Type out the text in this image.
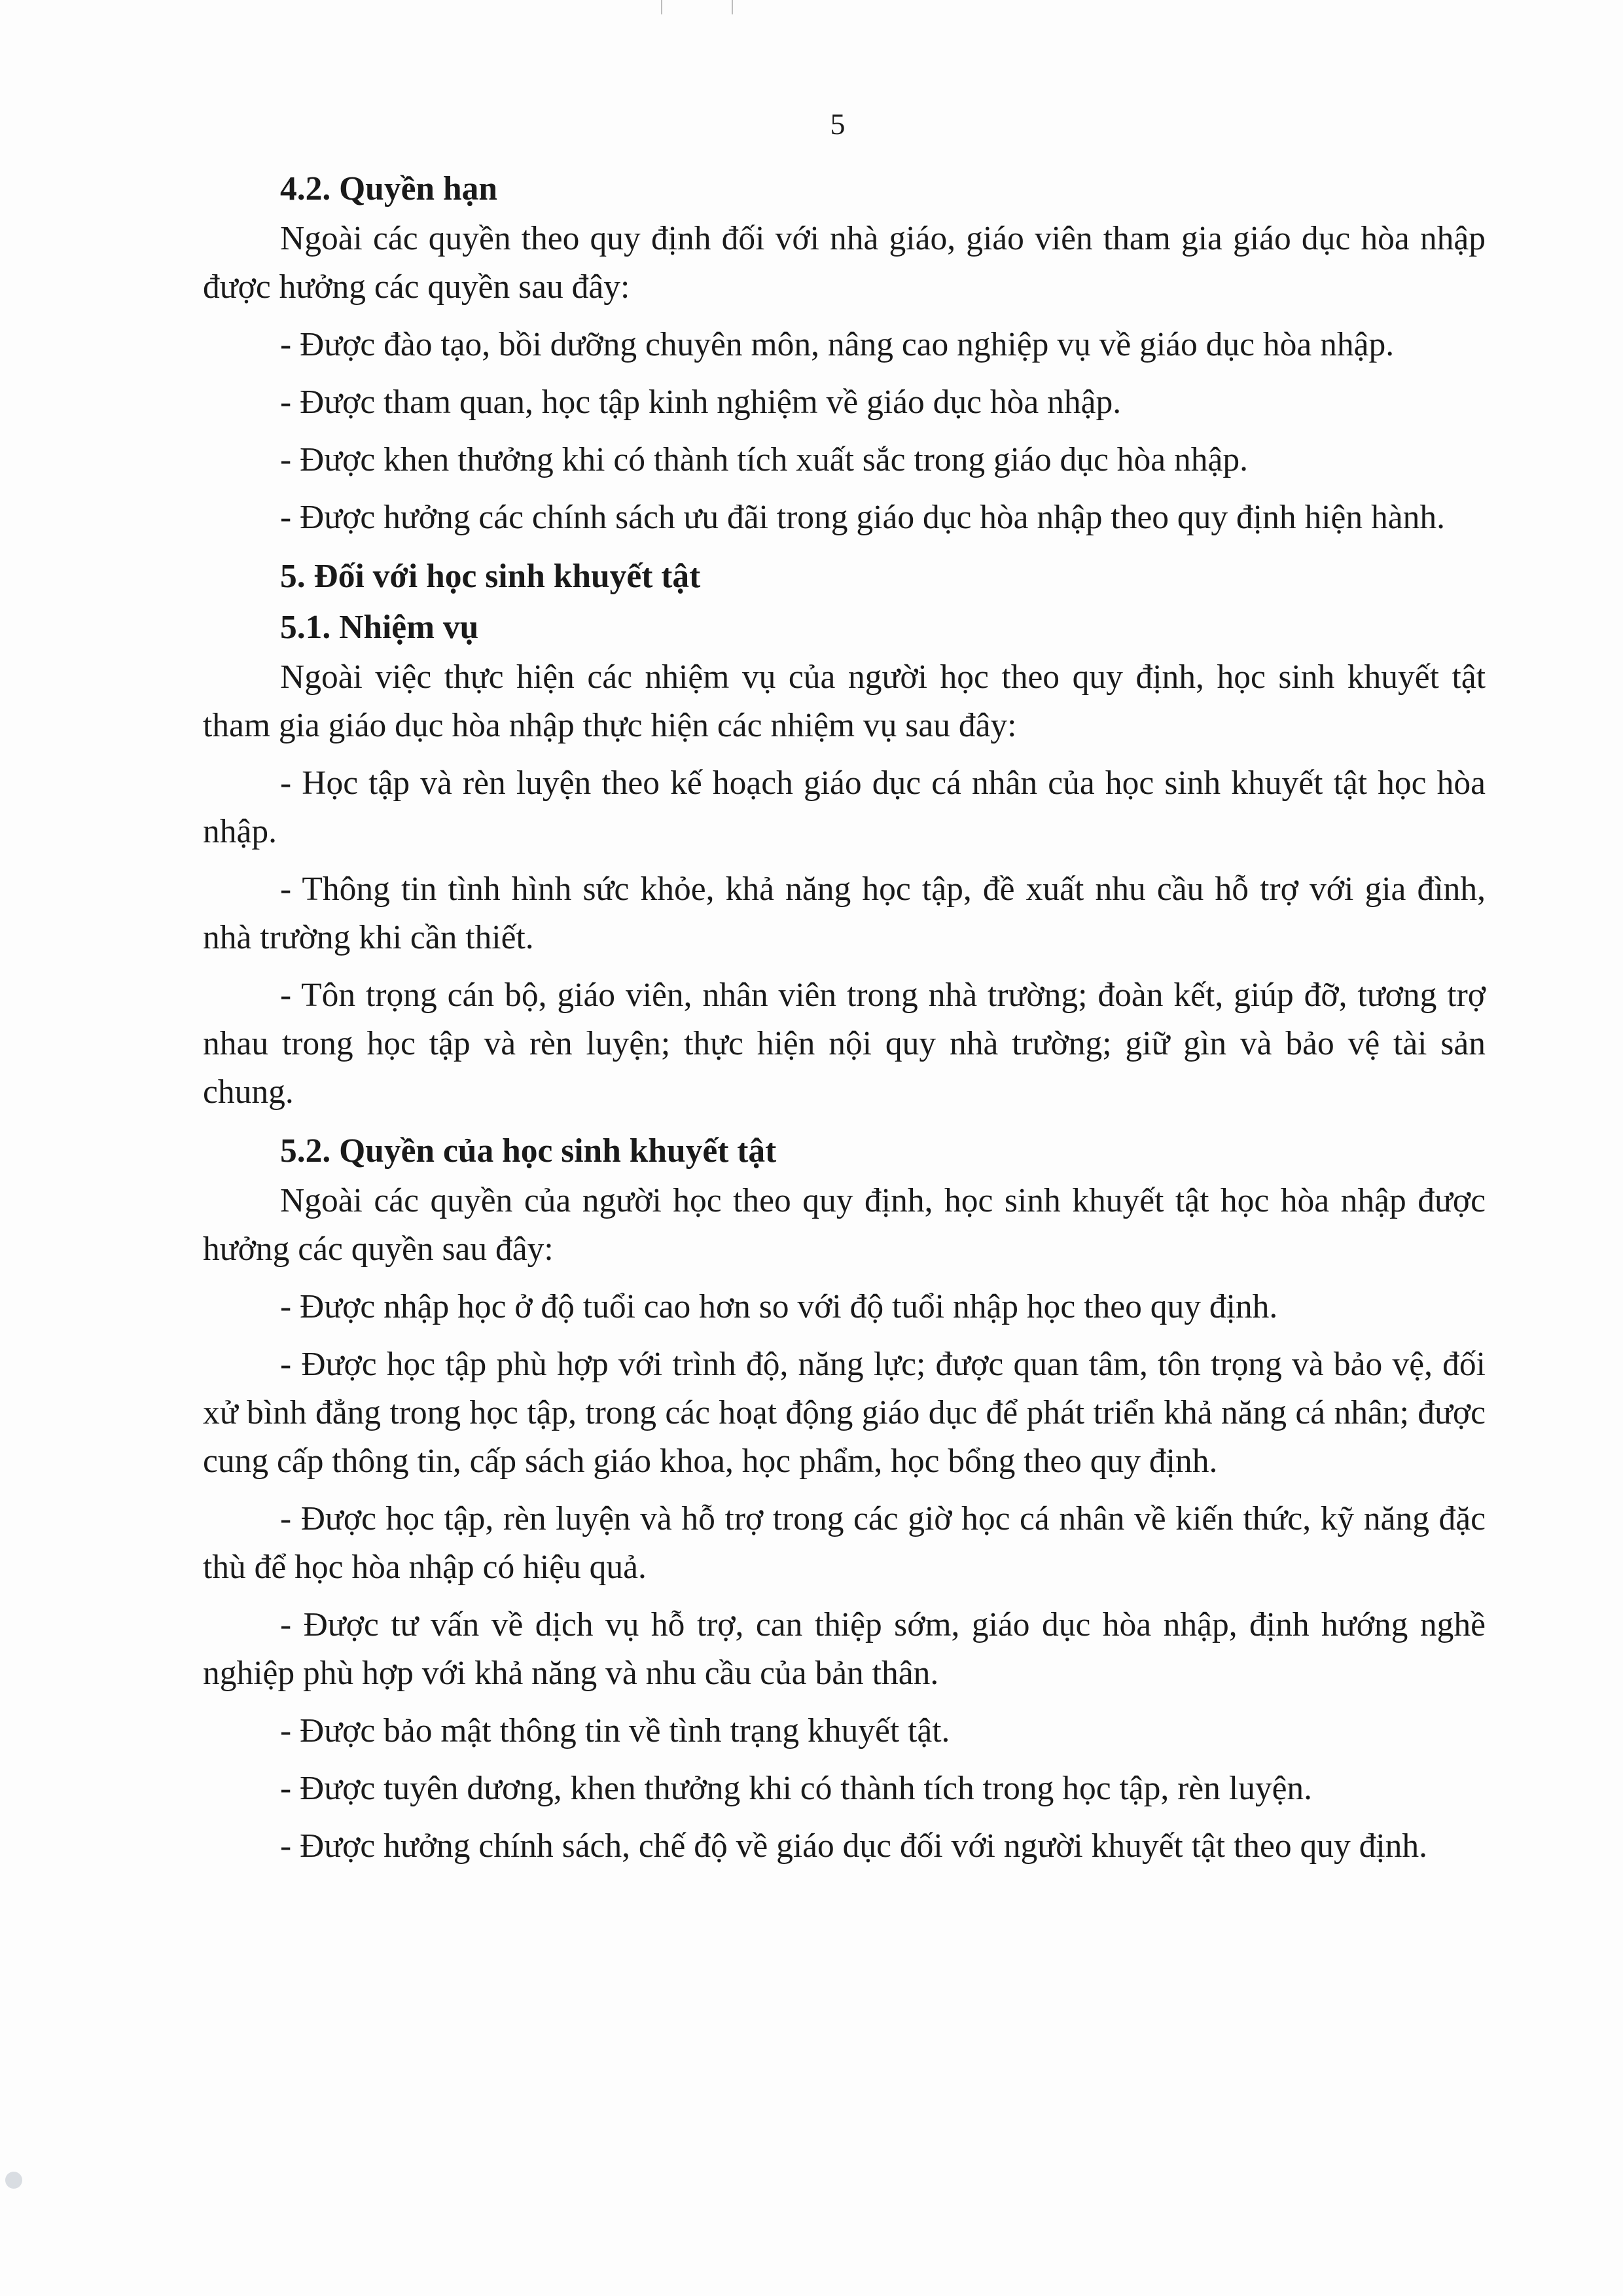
5

4.2. Quyền hạn

Ngoài các quyền theo quy định đối với nhà giáo, giáo viên tham gia giáo dục hòa nhập được hưởng các quyền sau đây:

- Được đào tạo, bồi dưỡng chuyên môn, nâng cao nghiệp vụ về giáo dục hòa nhập.

- Được tham quan, học tập kinh nghiệm về giáo dục hòa nhập.

- Được khen thưởng khi có thành tích xuất sắc trong giáo dục hòa nhập.

- Được hưởng các chính sách ưu đãi trong giáo dục hòa nhập theo quy định hiện hành.

5. Đối với học sinh khuyết tật

5.1. Nhiệm vụ

Ngoài việc thực hiện các nhiệm vụ của người học theo quy định, học sinh khuyết tật tham gia giáo dục hòa nhập thực hiện các nhiệm vụ sau đây:

- Học tập và rèn luyện theo kế hoạch giáo dục cá nhân của học sinh khuyết tật học hòa nhập.

- Thông tin tình hình sức khỏe, khả năng học tập, đề xuất nhu cầu hỗ trợ với gia đình, nhà trường khi cần thiết.

- Tôn trọng cán bộ, giáo viên, nhân viên trong nhà trường; đoàn kết, giúp đỡ, tương trợ nhau trong học tập và rèn luyện; thực hiện nội quy nhà trường; giữ gìn và bảo vệ tài sản chung.

5.2. Quyền của học sinh khuyết tật

Ngoài các quyền của người học theo quy định, học sinh khuyết tật học hòa nhập được hưởng các quyền sau đây:

- Được nhập học ở độ tuổi cao hơn so với độ tuổi nhập học theo quy định.

- Được học tập phù hợp với trình độ, năng lực; được quan tâm, tôn trọng và bảo vệ, đối xử bình đẳng trong học tập, trong các hoạt động giáo dục để phát triển khả năng cá nhân; được cung cấp thông tin, cấp sách giáo khoa, học phẩm, học bổng theo quy định.

- Được học tập, rèn luyện và hỗ trợ trong các giờ học cá nhân về kiến thức, kỹ năng đặc thù để học hòa nhập có hiệu quả.

- Được tư vấn về dịch vụ hỗ trợ, can thiệp sớm, giáo dục hòa nhập, định hướng nghề nghiệp phù hợp với khả năng và nhu cầu của bản thân.

- Được bảo mật thông tin về tình trạng khuyết tật.

- Được tuyên dương, khen thưởng khi có thành tích trong học tập, rèn luyện.

- Được hưởng chính sách, chế độ về giáo dục đối với người khuyết tật theo quy định.
